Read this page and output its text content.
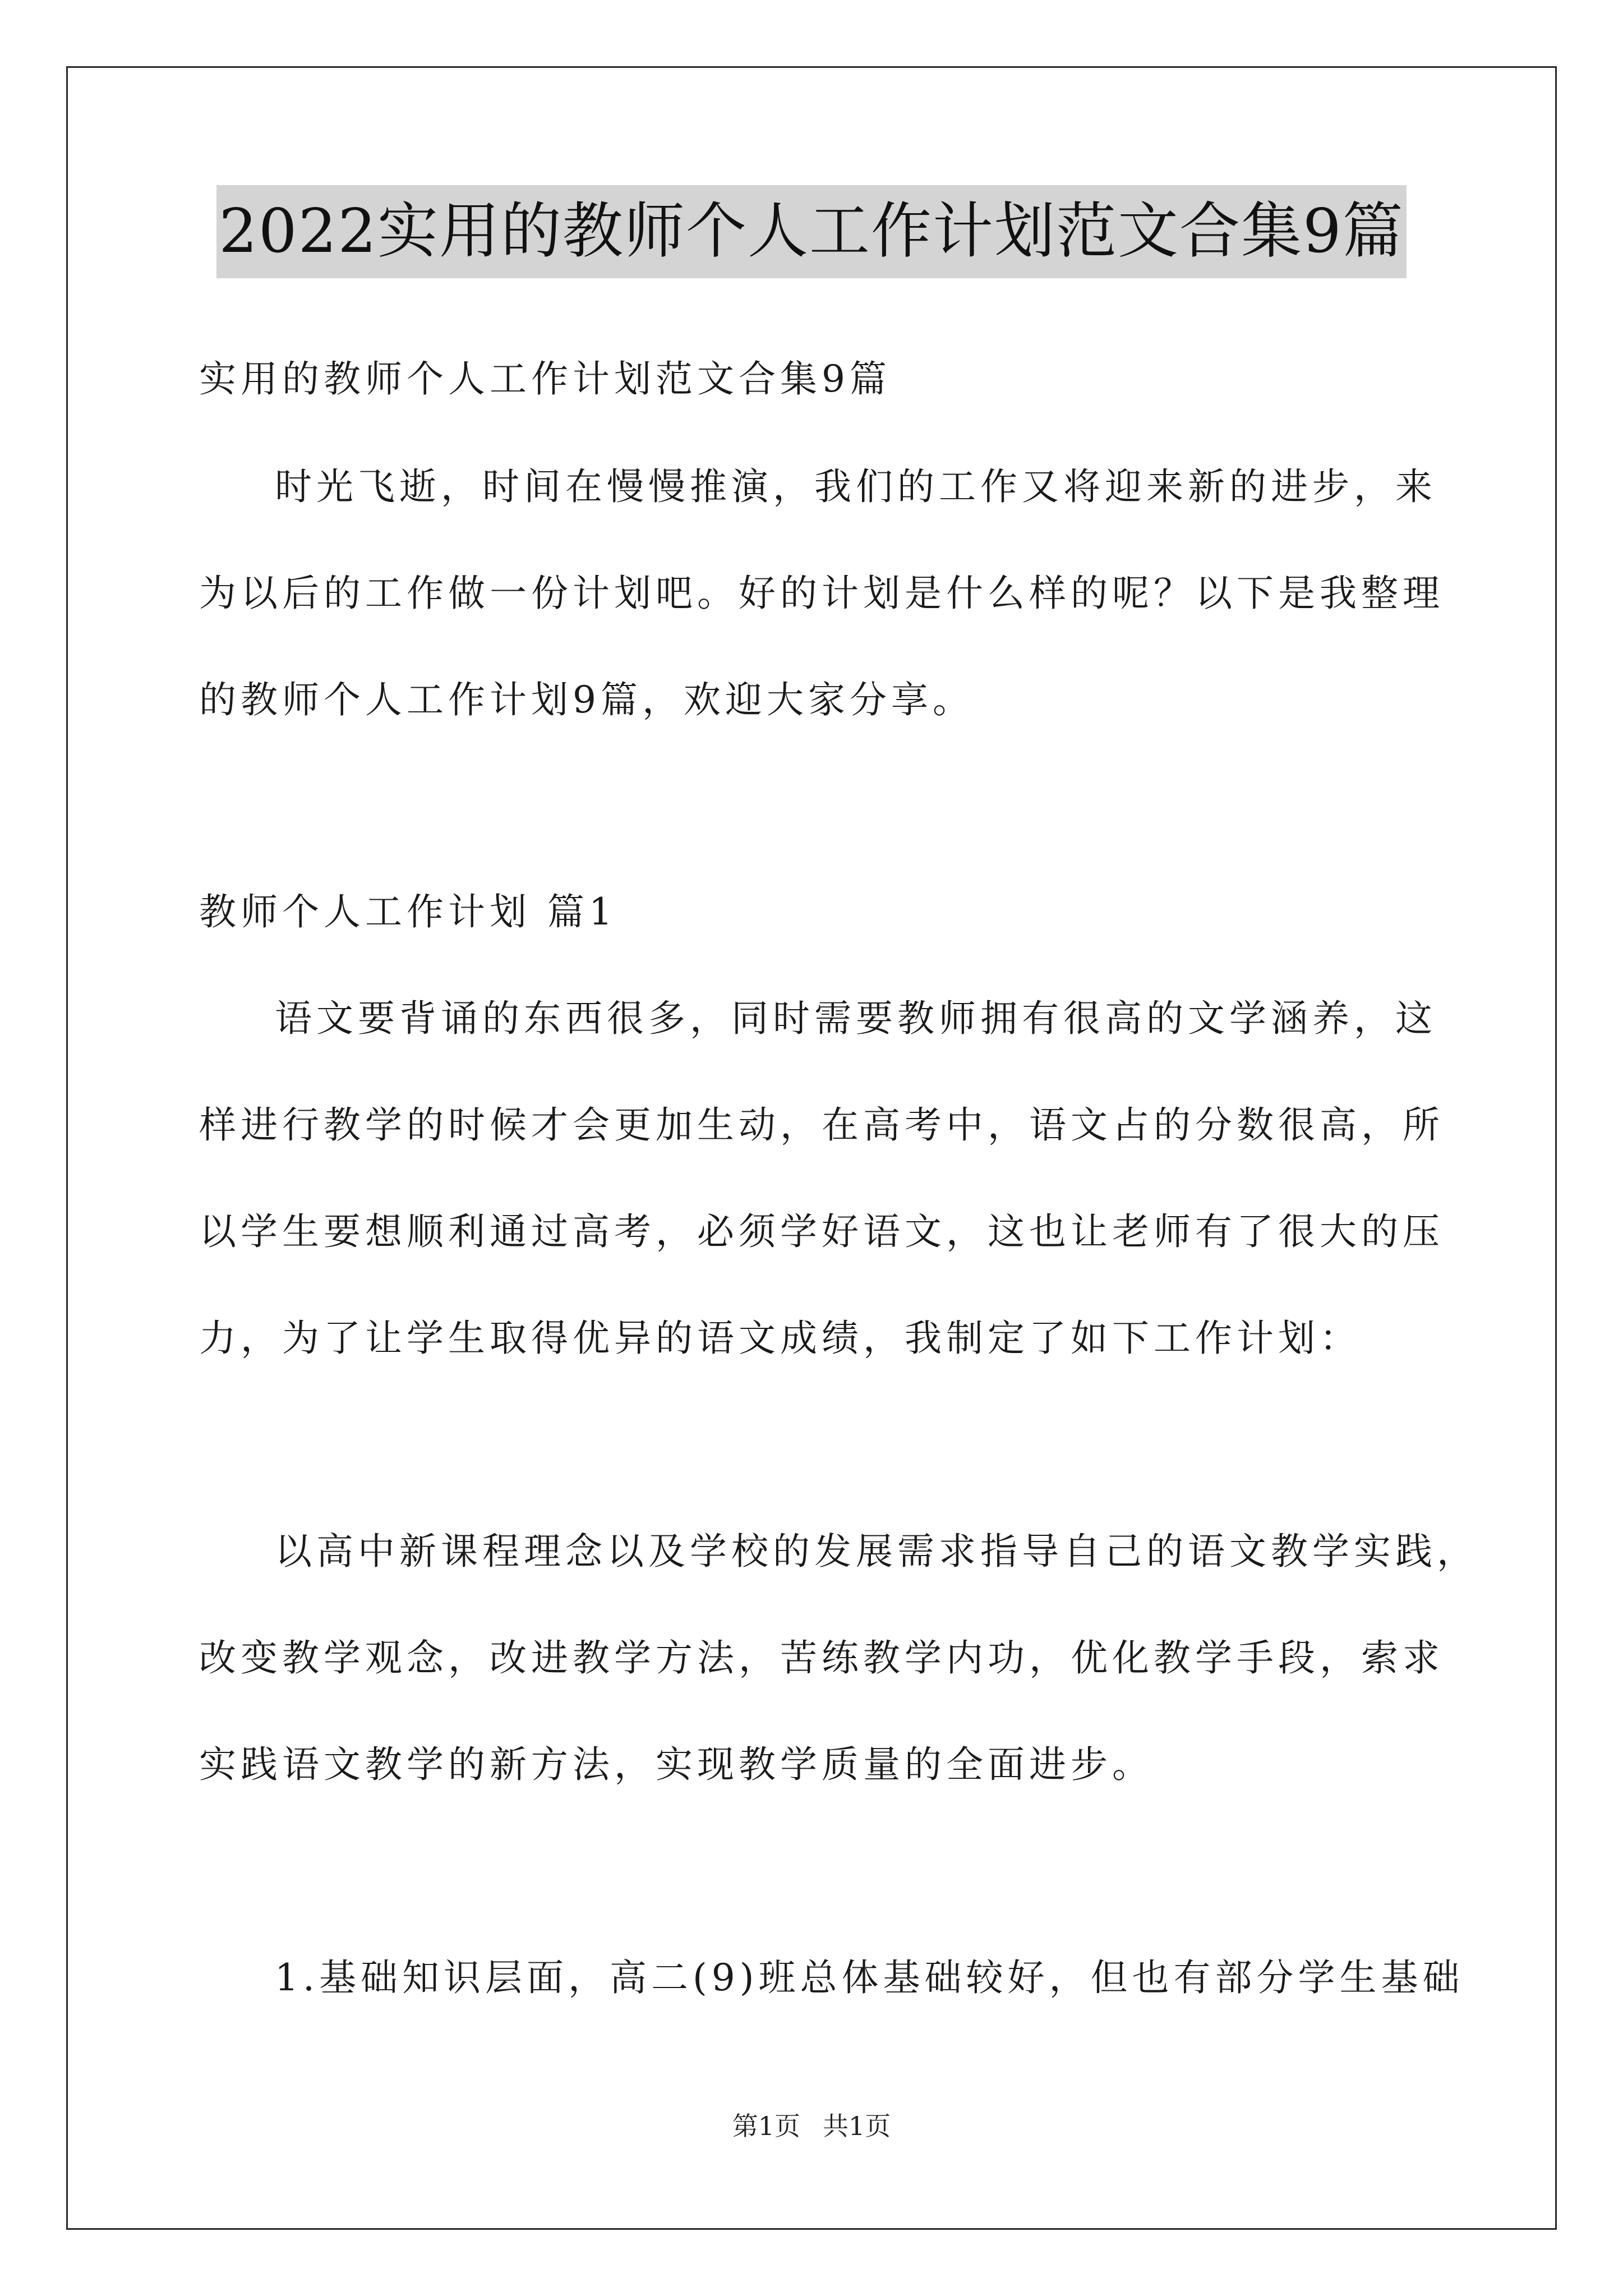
2022实用的教师个人工作计划范文合集9篇
实用的教师个人工作计划范文合集9篇
时光飞逝，时间在慢慢推演，我们的工作又将迎来新的进步，来
为以后的工作做一份计划吧。好的计划是什么样的呢？以下是我整理
的教师个人工作计划9篇，欢迎大家分享。
教师个人工作计划 篇1
语文要背诵的东西很多，同时需要教师拥有很高的文学涵养，这
样进行教学的时候才会更加生动，在高考中，语文占的分数很高，所
以学生要想顺利通过高考，必须学好语文，这也让老师有了很大的压
力，为了让学生取得优异的语文成绩，我制定了如下工作计划：
以高中新课程理念以及学校的发展需求指导自己的语文教学实践，
改变教学观念，改进教学方法，苦练教学内功，优化教学手段，索求
实践语文教学的新方法，实现教学质量的全面进步。
1.基础知识层面，高二(9)班总体基础较好，但也有部分学生基础
第1页 共1页
